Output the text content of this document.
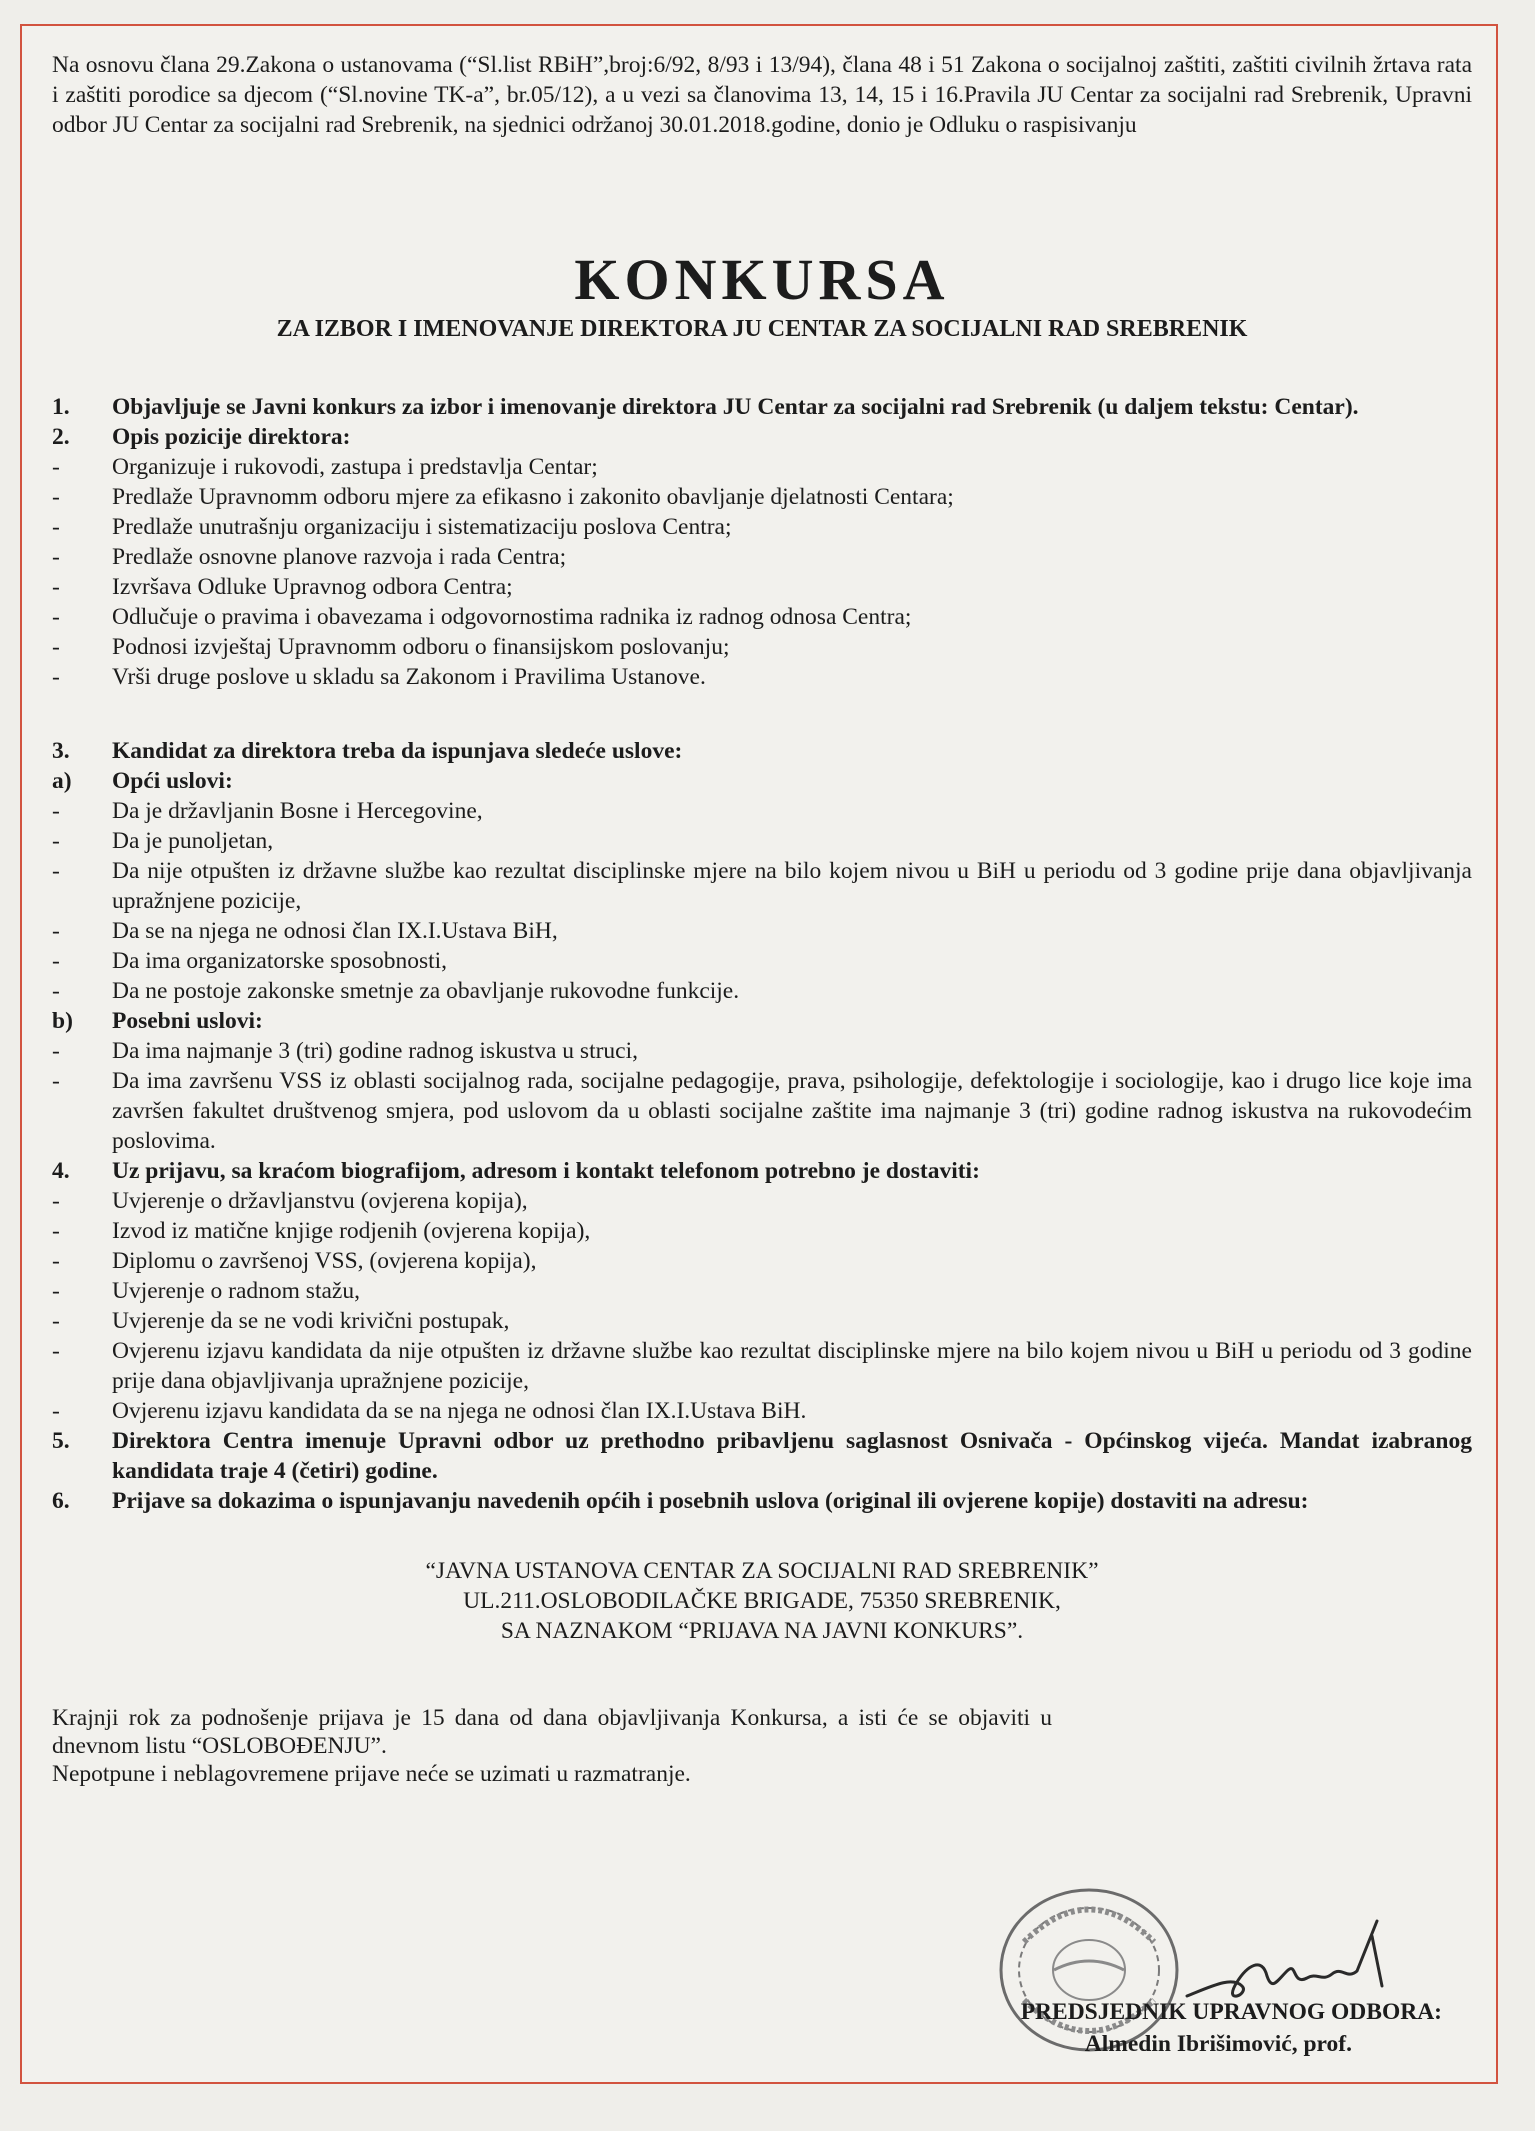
Na osnovu člana 29.Zakona o ustanovama (“Sl.list RBiH”,broj:6/92, 8/93 i 13/94), člana 48 i 51 Zakona o socijalnoj zaštiti, zaštiti civilnih žrtava rata i zaštiti porodice sa djecom (“Sl.novine TK-a”, br.05/12), a u vezi sa članovima 13, 14, 15 i 16.Pravila JU Centar za socijalni rad Srebrenik, Upravni odbor JU Centar za socijalni rad Srebrenik, na sjednici održanoj 30.01.2018.godine, donio je Odluku o raspisivanju

KONKURSA
ZA IZBOR I IMENOVANJE DIREKTORA JU CENTAR ZA SOCIJALNI RAD SREBRENIK
1.	Objavljuje se Javni konkurs za izbor i imenovanje direktora JU Centar za socijalni rad Srebrenik (u daljem tekstu: Centar).
2.	Opis pozicije direktora:
-	Organizuje i rukovodi, zastupa i predstavlja Centar;
-	Predlaže Upravnomm odboru mjere za efikasno i zakonito obavljanje djelatnosti Centara;
-	Predlaže unutrašnju organizaciju i sistematizaciju poslova Centra;
-	Predlaže osnovne planove razvoja i rada Centra;
-	Izvršava Odluke Upravnog odbora Centra;
-	Odlučuje o pravima i obavezama i odgovornostima radnika iz radnog odnosa Centra;
-	Podnosi izvještaj Upravnomm odboru o finansijskom poslovanju;
-	Vrši druge poslove u skladu sa Zakonom i Pravilima Ustanove.
3.	Kandidat za direktora treba da ispunjava sledeće uslove:
a)	Opći uslovi:
-	Da je državljanin Bosne i Hercegovine,
-	Da je punoljetan,
-	Da nije otpušten iz državne službe kao rezultat disciplinske mjere na bilo kojem nivou u BiH u periodu od 3 godine prije dana objavljivanja upražnjene pozicije,
-	Da se na njega ne odnosi član IX.I.Ustava BiH,
-	Da ima organizatorske sposobnosti,
-	Da ne postoje zakonske smetnje za obavljanje rukovodne funkcije.
b)	Posebni uslovi:
-	Da ima najmanje 3 (tri) godine radnog iskustva u struci,
-	Da ima završenu VSS iz oblasti socijalnog rada, socijalne pedagogije, prava, psihologije, defektologije i sociologije, kao i drugo lice koje ima završen fakultet društvenog smjera, pod uslovom da u oblasti socijalne zaštite ima najmanje 3 (tri) godine radnog iskustva na rukovodećim poslovima.
4.	Uz prijavu, sa kraćom biografijom, adresom i kontakt telefonom potrebno je dostaviti:
-	Uvjerenje o državljanstvu (ovjerena kopija),
-	Izvod iz matične knjige rodjenih (ovjerena kopija),
-	Diplomu o završenoj VSS, (ovjerena kopija),
-	Uvjerenje o radnom stažu,
-	Uvjerenje da se ne vodi krivični postupak,
-	Ovjerenu izjavu kandidata da nije otpušten iz državne službe kao rezultat disciplinske mjere na bilo kojem nivou u BiH u periodu od 3 godine prije dana objavljivanja upražnjene pozicije,
-	Ovjerenu izjavu kandidata da se na njega ne odnosi član IX.I.Ustava BiH.
5.	Direktora Centra imenuje Upravni odbor uz prethodno pribavljenu saglasnost Osnivača - Općinskog vijeća. Mandat izabranog kandidata traje 4 (četiri) godine.
6.	Prijave sa dokazima o ispunjavanju navedenih općih i posebnih uslova (original ili ovjerene kopije) dostaviti na adresu:
“JAVNA USTANOVA CENTAR ZA SOCIJALNI RAD SREBRENIK”
UL.211.OSLOBODILAČKE BRIGADE, 75350 SREBRENIK,
SA NAZNAKOM “PRIJAVA NA JAVNI KONKURS”.
Krajnji rok za podnošenje prijava je 15 dana od dana objavljivanja Konkursa, a isti će se objaviti u dnevnom listu “OSLOBOĐENJU”.
Nepotpune i neblagovremene prijave neće se uzimati u razmatranje.
PREDSJEDNIK UPRAVNOG ODBORA:
Almedin Ibrišimović, prof.
